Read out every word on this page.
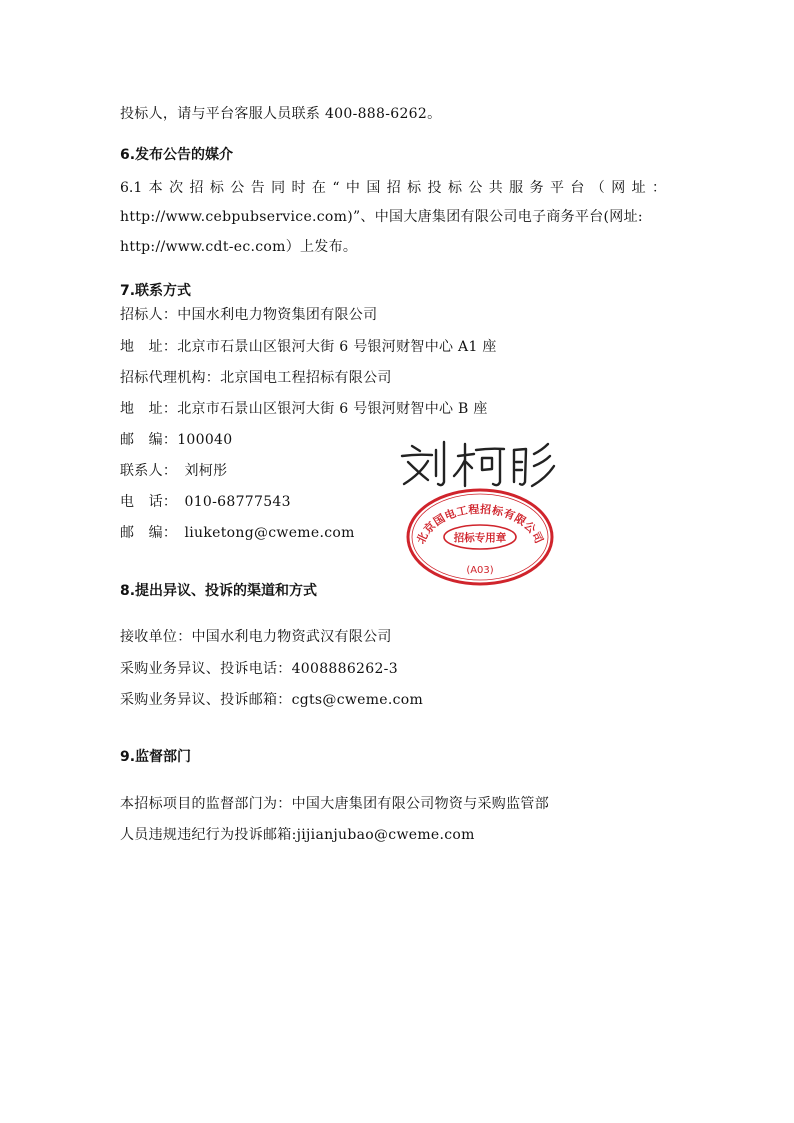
投标人，请与平台客服人员联系 400-888-6262。
6.发布公告的媒介
6.1 本 次 招 标 公 告 同 时 在 “ 中 国 招 标 投 标 公 共 服 务 平 台 （ 网 址 ：
http://www.cebpubservice.com)”、中国大唐集团有限公司电子商务平台(网址:
http://www.cdt-ec.com）上发布。
7.联系方式
招标人：中国水利电力物资集团有限公司
地　址：北京市石景山区银河大街 6 号银河财智中心 A1 座
招标代理机构：北京国电工程招标有限公司
地　址：北京市石景山区银河大街 6 号银河财智中心 B 座
邮　编：100040
联系人：　刘柯彤
电　话：　010-68777543
邮　编：　liuketong@cweme.com	北京国电工程招标有限公司
招标专用章
(A03)
8.提出异议、投诉的渠道和方式
接收单位：中国水利电力物资武汉有限公司
采购业务异议、投诉电话：4008886262-3
采购业务异议、投诉邮箱：cgts@cweme.com
9.监督部门
本招标项目的监督部门为：中国大唐集团有限公司物资与采购监管部
人员违规违纪行为投诉邮箱:jijianjubao@cweme.com
